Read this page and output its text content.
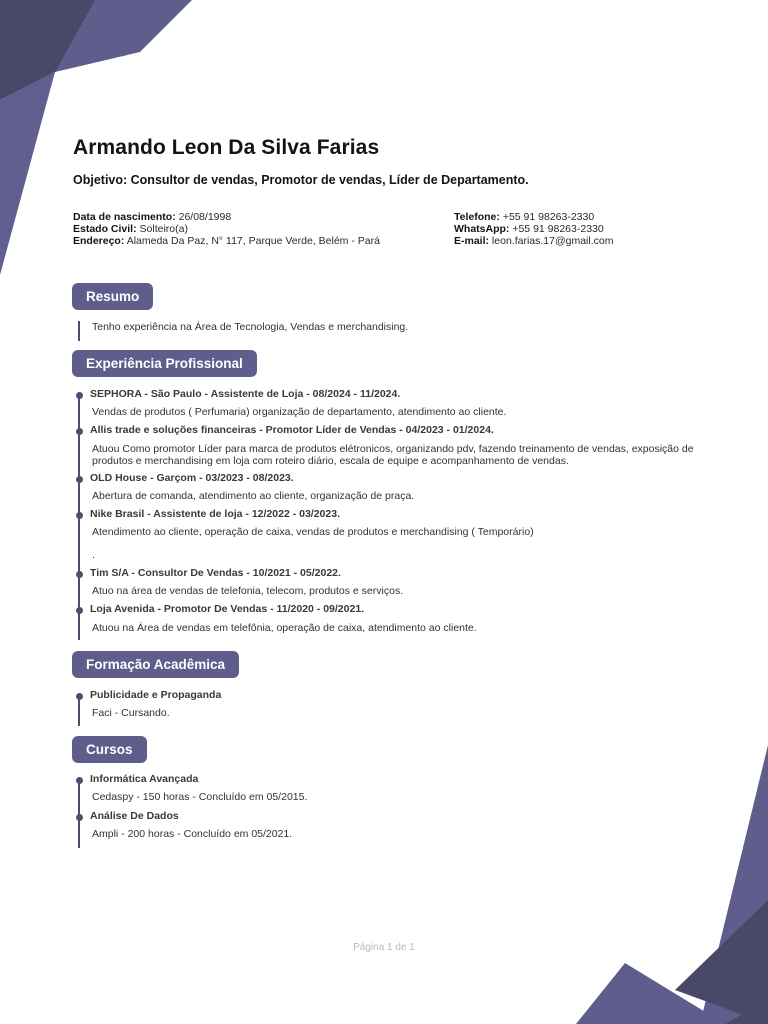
Armando Leon Da Silva Farias

Objetivo: Consultor de vendas, Promotor de vendas, Líder de Departamento.

Data de nascimento: 26/08/1998
Estado Civil: Solteiro(a)
Endereço: Alameda Da Paz, N° 117, Parque Verde, Belém - Pará
Telefone: +55 91 98263-2330
WhatsApp: +55 91 98263-2330
E-mail: leon.farias.17@gmail.com
Resumo
Tenho experiência na Área de Tecnologia, Vendas e merchandising.
Experiência Profissional
SEPHORA - São Paulo - Assistente de Loja - 08/2024 - 11/2024.
Vendas de produtos ( Perfumaria) organização de departamento, atendimento ao cliente.
Allis trade e soluções financeiras - Promotor Líder de Vendas - 04/2023 - 01/2024.
Atuou Como promotor Líder para marca de produtos elétronicos, organizando pdv, fazendo treinamento de vendas, exposição de produtos e merchandising em loja com roteiro diário, escala de equipe e acompanhamento de vendas.
OLD House - Garçom - 03/2023 - 08/2023.
Abertura de comanda, atendimento ao cliente, organização de praça.
Nike Brasil - Assistente de loja - 12/2022 - 03/2023.
Atendimento ao cliente, operação de caixa, vendas de produtos e merchandising ( Temporário)
.
Tim S/A - Consultor De Vendas - 10/2021 - 05/2022.
Atuo na área de vendas de telefonia, telecom, produtos e serviços.
Loja Avenida - Promotor De Vendas - 11/2020 - 09/2021.
Atuou na Área de vendas em telefônia, operação de caixa, atendimento ao cliente.
Formação Acadêmica
Publicidade e Propaganda
Faci - Cursando.
Cursos
Informática Avançada
Cedaspy - 150 horas - Concluído em 05/2015.
Análise De Dados
Ampli - 200 horas - Concluído em 05/2021.
Página 1 de 1
